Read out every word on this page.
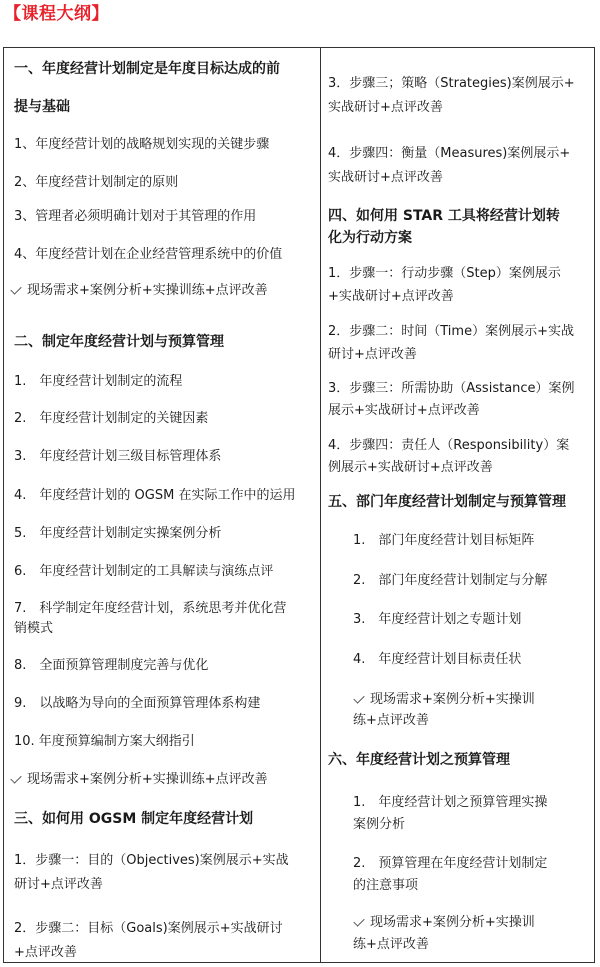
【课程大纲】

一、年度经营计划制定是年度目标达成的前

提与基础

1、年度经营计划的战略规划实现的关键步骤

2、年度经营计划制定的原则

3、管理者必须明确计划对于其管理的作用

4、年度经营计划在企业经营管理系统中的价值

现场需求+案例分析+实操训练+点评改善

二、制定年度经营计划与预算管理

1.　年度经营计划制定的流程

2.　年度经营计划制定的关键因素

3.　年度经营计划三级目标管理体系

4.　年度经营计划的 OGSM 在实际工作中的运用

5.　年度经营计划制定实操案例分析

6.　年度经营计划制定的工具解读与演练点评

7.　科学制定年度经营计划，系统思考并优化营

销模式

8.　全面预算管理制度完善与优化

9.　以战略为导向的全面预算管理体系构建

10. 年度预算编制方案大纲指引

现场需求+案例分析+实操训练+点评改善

三、如何用 OGSM 制定年度经营计划

1．步骤一：目的（Objectives)案例展示+实战

研讨+点评改善

2．步骤二：目标（Goals)案例展示+实战研讨

+点评改善

3．步骤三；策略（Strategies)案例展示+

实战研讨+点评改善

4．步骤四：衡量（Measures)案例展示+

实战研讨+点评改善

四、如何用 STAR 工具将经营计划转

化为行动方案

1．步骤一：行动步骤（Step）案例展示

+实战研讨+点评改善

2．步骤二：时间（Time）案例展示+实战

研讨+点评改善

3．步骤三：所需协助（Assistance）案例

展示+实战研讨+点评改善

4．步骤四：责任人（Responsibility）案

例展示+实战研讨+点评改善

五、部门年度经营计划制定与预算管理

1.　部门年度经营计划目标矩阵

2.　部门年度经营计划制定与分解

3.　年度经营计划之专题计划

4.　年度经营计划目标责任状

现场需求+案例分析+实操训

练+点评改善

六、年度经营计划之预算管理

1.　年度经营计划之预算管理实操

案例分析

2.　预算管理在年度经营计划制定

的注意事项

现场需求+案例分析+实操训

练+点评改善
